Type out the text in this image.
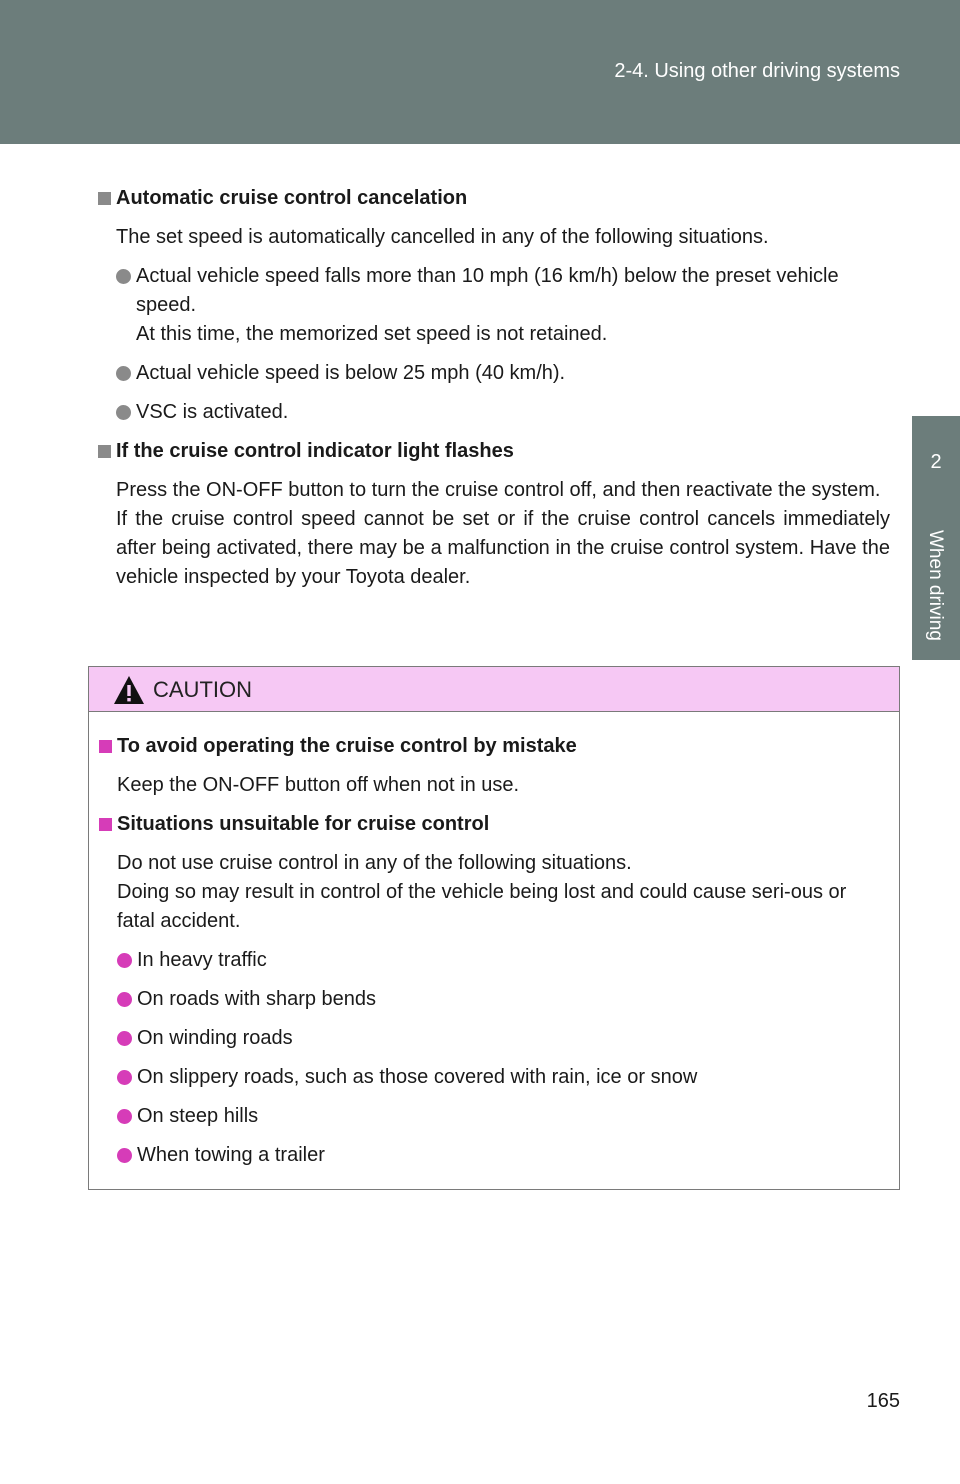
2-4. Using other driving systems
2
When driving
Automatic cruise control cancelation
The set speed is automatically cancelled in any of the following situations.
Actual vehicle speed falls more than 10 mph (16 km/h) below the preset vehicle speed.
At this time, the memorized set speed is not retained.
Actual vehicle speed is below 25 mph (40 km/h).
VSC is activated.
If the cruise control indicator light flashes
Press the ON-OFF button to turn the cruise control off, and then reactivate the system.
If the cruise control speed cannot be set or if the cruise control cancels immediately after being activated, there may be a malfunction in the cruise control system. Have the vehicle inspected by your Toyota dealer.
CAUTION
To avoid operating the cruise control by mistake
Keep the ON-OFF button off when not in use.
Situations unsuitable for cruise control
Do not use cruise control in any of the following situations.
Doing so may result in control of the vehicle being lost and could cause seri-ous or fatal accident.
In heavy traffic
On roads with sharp bends
On winding roads
On slippery roads, such as those covered with rain, ice or snow
On steep hills
When towing a trailer
165
